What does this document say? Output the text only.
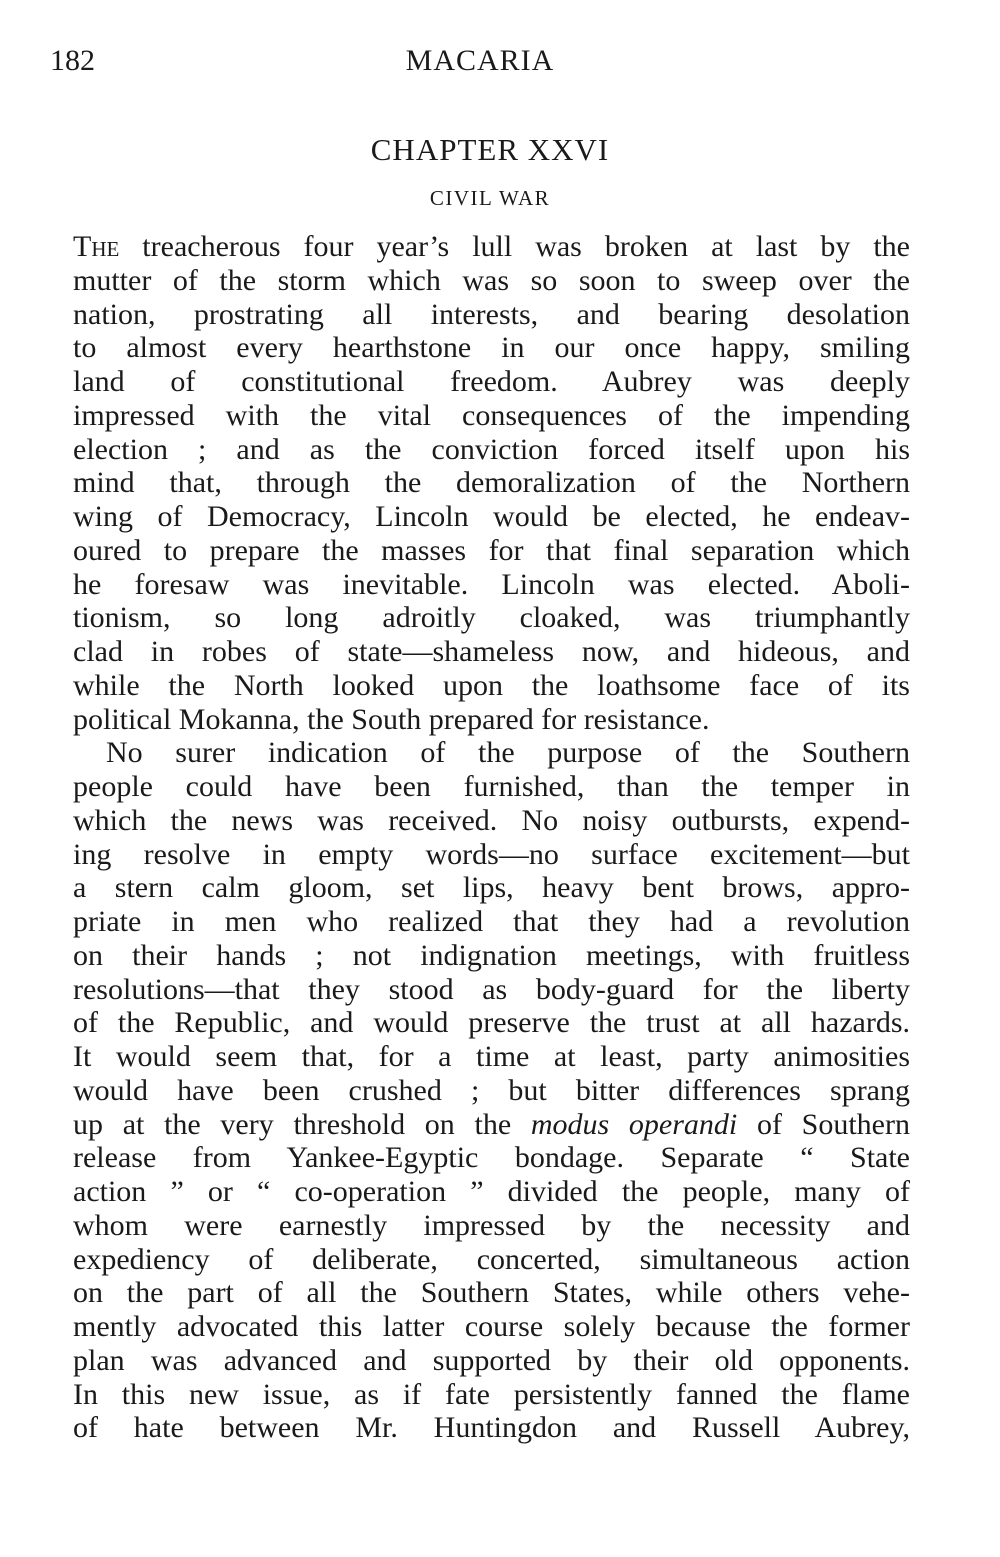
182	MACARIA
CHAPTER XXVI
CIVIL WAR
The treacherous four year’s lull was broken at last by the
mutter of the storm which was so soon to sweep over the
nation, prostrating all interests, and bearing desolation
to almost every hearthstone in our once happy, smiling
land of constitutional freedom. Aubrey was deeply
impressed with the vital consequences of the impending
election ; and as the conviction forced itself upon his
mind that, through the demoralization of the Northern
wing of Democracy, Lincoln would be elected, he endeav-
oured to prepare the masses for that final separation which
he foresaw was inevitable. Lincoln was elected. Aboli-
tionism, so long adroitly cloaked, was triumphantly
clad in robes of state—shameless now, and hideous, and
while the North looked upon the loathsome face of its
political Mokanna, the South prepared for resistance.
No surer indication of the purpose of the Southern
people could have been furnished, than the temper in
which the news was received. No noisy outbursts, expend-
ing resolve in empty words—no surface excitement—but
a stern calm gloom, set lips, heavy bent brows, appro-
priate in men who realized that they had a revolution
on their hands ; not indignation meetings, with fruitless
resolutions—that they stood as body-guard for the liberty
of the Republic, and would preserve the trust at all hazards.
It would seem that, for a time at least, party animosities
would have been crushed ; but bitter differences sprang
up at the very threshold on the modus operandi of Southern
release from Yankee-Egyptic bondage. Separate “ State
action ” or “ co-operation ” divided the people, many of
whom were earnestly impressed by the necessity and
expediency of deliberate, concerted, simultaneous action
on the part of all the Southern States, while others vehe-
mently advocated this latter course solely because the former
plan was advanced and supported by their old opponents.
In this new issue, as if fate persistently fanned the flame
of hate between Mr. Huntingdon and Russell Aubrey,
